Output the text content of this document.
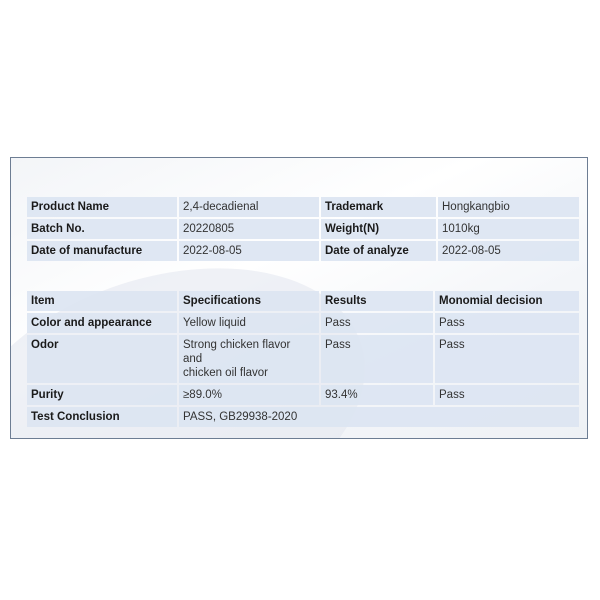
Product Name	2,4-decadienal	Trademark	Hongkangbio
Batch No.	20220805	Weight(N)	1010kg
Date of manufacture	2022-08-05	Date of analyze	2022-08-05
Item	Specifications	Results	Monomial decision
Color and appearance	Yellow liquid	Pass	Pass
Odor	Strong chicken flavor
and
chicken oil flavor	Pass	Pass
Purity	≥89.0%	93.4%	Pass
Test Conclusion	PASS, GB29938-2020		
